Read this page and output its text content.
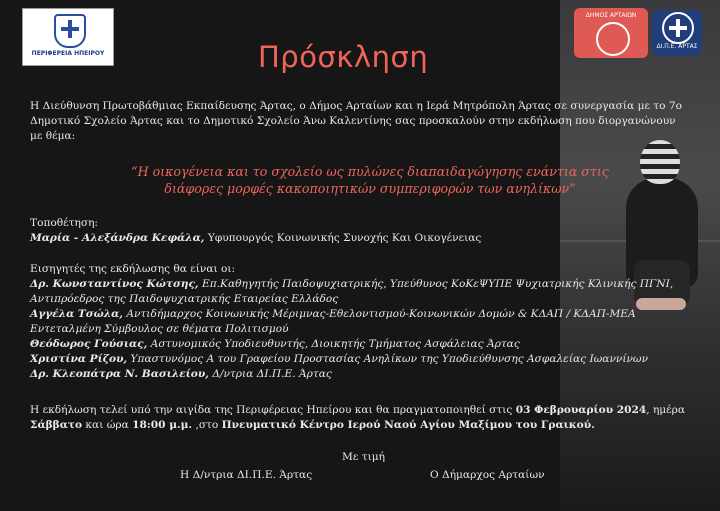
ΠΕΡΙΦΕΡΕΙΑ ΗΠΕΙΡΟΥ
ΔΗΜΟΣ ΑΡΤΑΙΩΝ
ΔΙ.Π.Ε. ΑΡΤΑΣ
Πρόσκληση
Η Διεύθυνση Πρωτοβάθμιας Εκπαίδευσης Άρτας, ο Δήμος Αρταίων και η Ιερά Μητρόπολη Άρτας σε συνεργασία με το 7ο Δημοτικό Σχολείο Άρτας και το Δημοτικό Σχολείο Άνω Καλεντίνης σας προσκαλούν στην εκδήλωση που διοργανώνουν με θέμα:
“Η οικογένεια και το σχολείο ως πυλώνες διαπαιδαγώγησης ενάντια στις διάφορες μορφές κακοποιητικών συμπεριφορών των ανηλίκων”
Τοποθέτηση:
Μαρία - Αλεξάνδρα Κεφάλα, Υφυπουργός Κοινωνικής Συνοχής Και Οικογένειας
Εισηγητές της εκδήλωσης θα είναι οι:
Δρ. Κωνσταντίνος Κώτσης, Επ.Καθηγητής Παιδοψυχιατρικής, Υπεύθυνος ΚοΚεΨΥΠΕ Ψυχιατρικής Κλινικής ΠΓΝΙ, Αντιπρόεδρος της Παιδοψυχιατρικής Εταιρείας Ελλάδος
Αγγέλα Τσώλα, Αντιδήμαρχος Κοινωνικής Μέριμνας-Εθελοντισμού-Κοινωνικών Δομών & ΚΔΑΠ / ΚΔΑΠ-ΜΕΑ Εντεταλμένη Σύμβουλος σε θέματα Πολιτισμού
Θεόδωρος Γούσιας, Αστυνομικός Υποδιευθυντής, Διοικητής Τμήματος Ασφάλειας Άρτας
Χριστίνα Ρίζου, Υπαστυνόμος Α του Γραφείου Προστασίας Ανηλίκων της Υποδιεύθυνσης Ασφαλείας Ιωαννίνων
Δρ. Κλεοπάτρα Ν. Βασιλείου, Δ/ντρια ΔΙ.Π.Ε. Άρτας
Η εκδήλωση τελεί υπό την αιγίδα της Περιφέρειας Ηπείρου και θα πραγματοποιηθεί στις 03 Φεβρουαρίου 2024, ημέρα Σάββατο και ώρα 18:00 μ.μ. ,στο Πνευματικό Κέντρο Ιερού Ναού Αγίου Μαξίμου του Γραικού.
Με τιμή
Η Δ/ντρια ΔΙ.Π.Ε. Άρτας	Ο Δήμαρχος Αρταίων
